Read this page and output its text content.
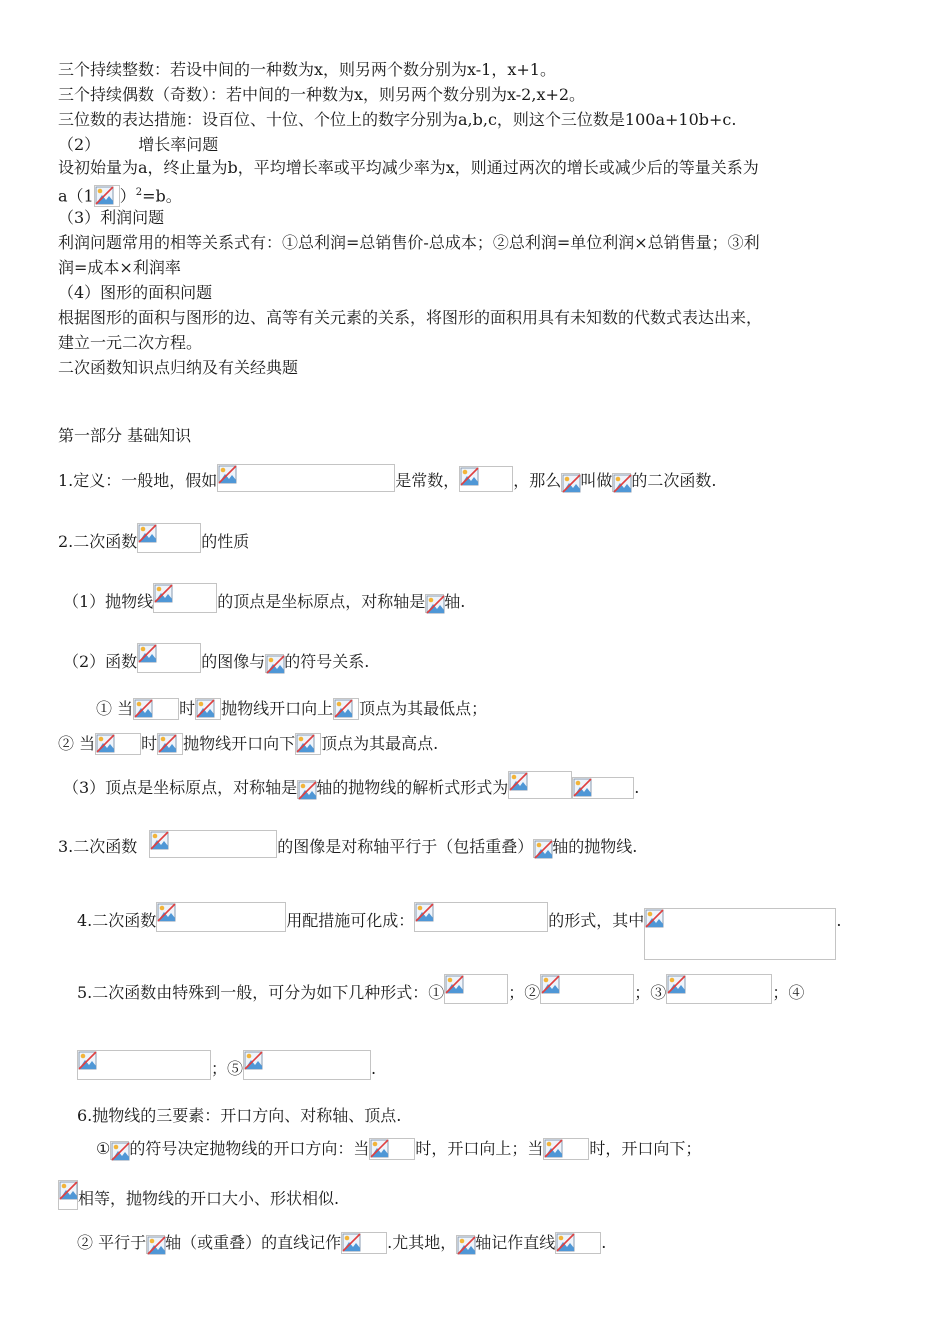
三个持续整数：若设中间的一种数为x，则另两个数分别为x-1，x+1。
三个持续偶数（奇数）：若中间的一种数为x，则另两个数分别为x-2,x+2。
三位数的表达措施：设百位、十位、个位上的数字分别为a,b,c，则这个三位数是100a+10b+c.
（2） 增长率问题
设初始量为a，终止量为b，平均增长率或平均减少率为x，则通过两次的增长或减少后的等量关系为
a（1 ）$^2$=b。
（3）利润问题
利润问题常用的相等关系式有：①总利润=总销售价-总成本；②总利润=单位利润×总销售量；③利
润=成本×利润率
（4）图形的面积问题
根据图形的面积与图形的边、高等有关元素的关系，将图形的面积用具有未知数的代数式表达出来，
建立一元二次方程。
二次函数知识点归纳及有关经典题
第一部分 基础知识
1.定义：一般地，假如	是常数，	，那么 叫做 的二次函数.
2.二次函数	的性质
（1）抛物线	的顶点是坐标原点，对称轴是 轴.
（2）函数	的图像与 的符号关系.
① 当	时 抛物线开口向上 顶点为其最低点；
② 当	时 抛物线开口向下 顶点为其最高点.
（3）顶点是坐标原点，对称轴是 轴的抛物线的解析式形式为	.
3.二次函数	的图像是对称轴平行于（包括重叠） 轴的抛物线.
4.二次函数	用配措施可化成：	的形式，其中	.
5.二次函数由特殊到一般，可分为如下几种形式：①	；②	；③	；④
；⑤	.
6.抛物线的三要素：开口方向、对称轴、顶点.
① 的符号决定抛物线的开口方向：当	时，开口向上；当	时，开口向下；
相等，抛物线的开口大小、形状相似.
② 平行于 轴（或重叠）的直线记作	.尤其地， 轴记作直线	.
